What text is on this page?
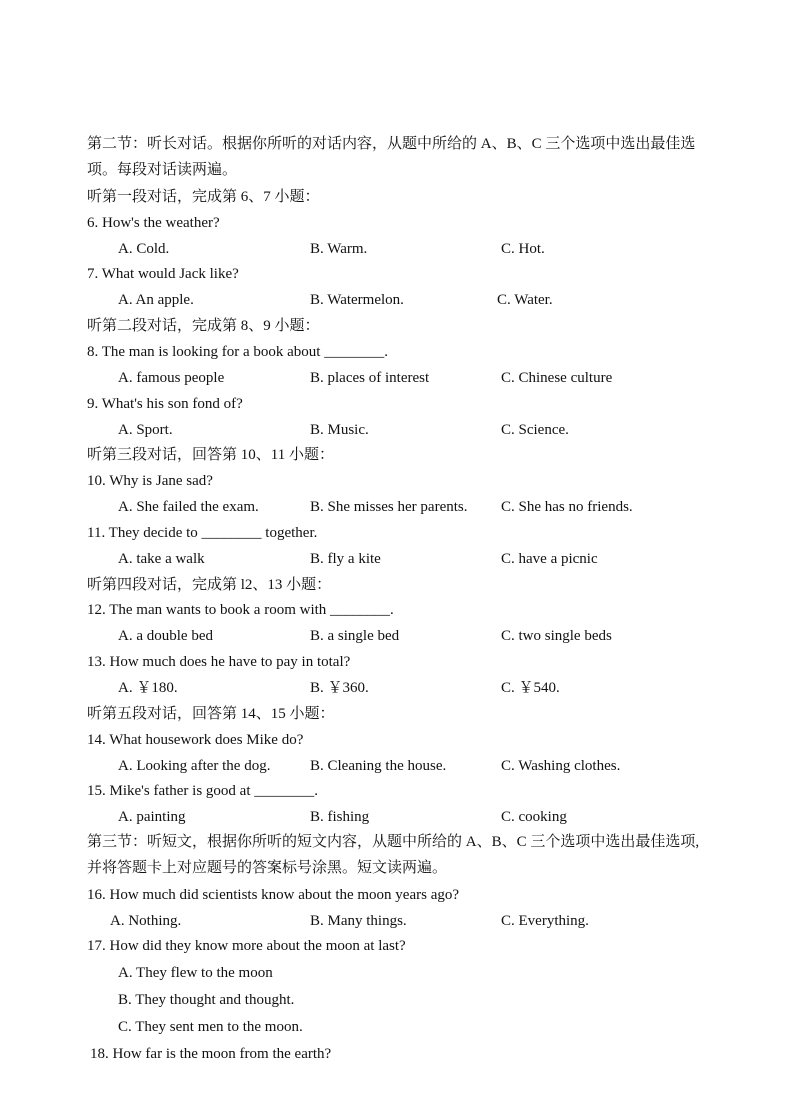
第二节：听长对话。根据你所听的对话内容，从题中所给的 A、B、C 三个选项中选出最佳选项。每段对话读两遍。
听第一段对话，完成第 6、7 小题：
6. How's the weather?
A. Cold.	B. Warm.	C. Hot.
7. What would Jack like?
A. An apple.	B. Watermelon.	C. Water.
听第二段对话，完成第 8、9 小题：
8. The man is looking for a book about ________.
A. famous people	B. places of interest	C. Chinese culture
9. What's his son fond of?
A. Sport.	B. Music.	C. Science.
听第三段对话，回答第 10、11 小题：
10. Why is Jane sad?
A. She failed the exam.	B. She misses her parents. C. She has no friends.
11. They decide to ________ together.
A. take a walk	B. fly a kite	C. have a picnic
听第四段对话，完成第 l2、13 小题：
12. The man wants to book a room with ________.
A. a double bed	B. a single bed	C. two single beds
13. How much does he have to pay in total?
A. ￥180.	B. ￥360.	C. ￥540.
听第五段对话，回答第 14、15 小题：
14. What housework does Mike do?
A. Looking after the dog.	B. Cleaning the house.	C. Washing clothes.
15. Mike's father is good at ________.
A. painting	B. fishing	C. cooking
第三节：听短文，根据你所听的短文内容，从题中所给的 A、B、C 三个选项中选出最佳选项,并将答题卡上对应题号的答案标号涂黑。短文读两遍。
16. How much did scientists know about the moon years ago?
A. Nothing.	B. Many things.	C. Everything.
17. How did they know more about the moon at last?
A. They flew to the moon
B. They thought and thought.
C. They sent men to the moon.
18. How far is the moon from the earth?
